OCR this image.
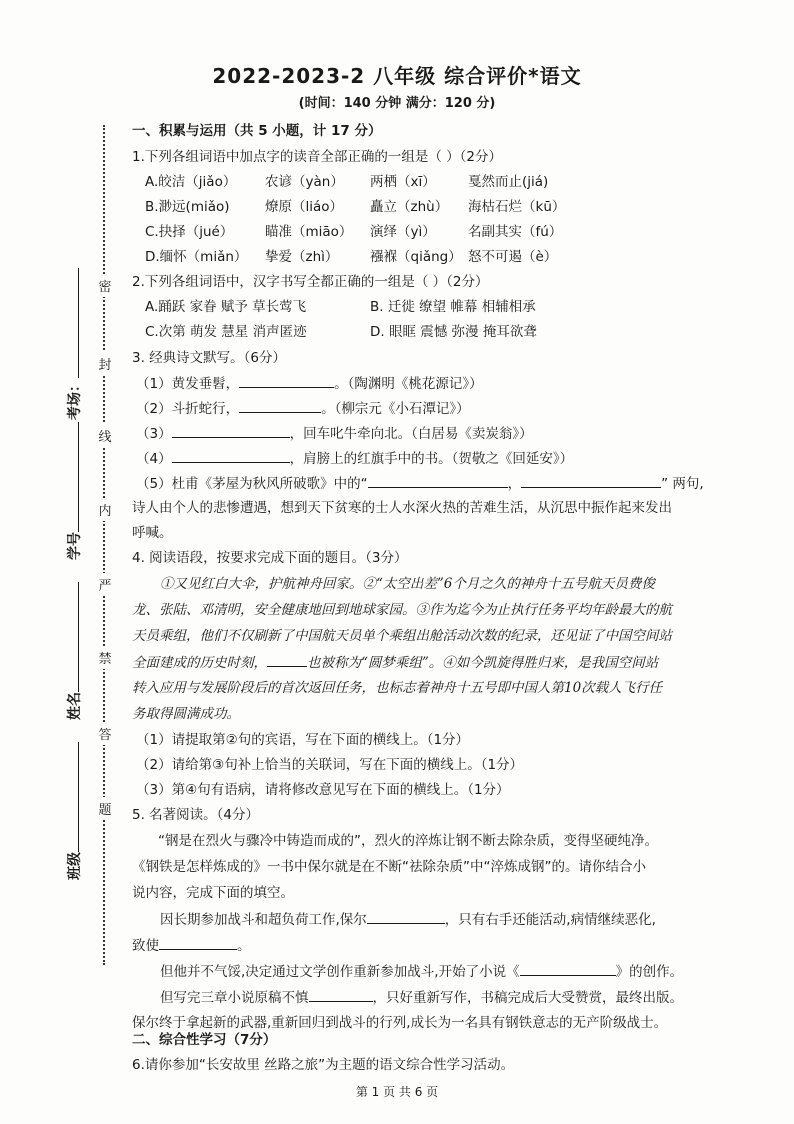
2022-2023-2 八年级 综合评价*语文
(时间：140 分钟 满分：120 分)
密
封
线
内
严
禁
答
题
考场：
学号
姓名
班级
一、积累与运用（共 5 小题，计 17 分）
1.下列各组词语中加点字的读音全部正确的一组是（ ）（2分）
A.皎洁（jiǎo） 农谚（yàn） 两栖（xī） 戛然而止(jiá)
B.渺远(miǎo)	燎原（liáo） 矗立（zhù） 海枯石烂（kū）
C.抉择（jué） 瞄准（miāo） 演绎（yì） 名副其实（fú）
D.缅怀（miǎn） 挚爱（zhì） 襁褓（qiǎng） 怒不可遏（è）
2.下列各组词语中，汉字书写全都正确的一组是（ ）（2分）
A.踊跃 家眷 赋予 草长莺飞	B. 迁徙 缭望 帷幕 相辅相承
C.次第 萌发 慧星 消声匿迹	D. 眼眶 震憾 弥漫 掩耳欲聋
3. 经典诗文默写。（6分）
（1）黄发垂髫，	。（陶渊明《桃花源记》）
（2）斗折蛇行，	。（柳宗元《小石潭记》）
（3）	，回车叱牛牵向北。（白居易《卖炭翁》）
（4）	，肩膀上的红旗手中的书。（贺敬之《回延安》）
（5）杜甫《茅屋为秋风所破歌》中的“	，	” 两句,
诗人由个人的悲惨遭遇，想到天下贫寒的士人水深火热的苦难生活，从沉思中振作起来发出
呼喊。
4. 阅读语段，按要求完成下面的题目。（3分）
①又见红白大伞，护航神舟回家。②“太空出差”6个月之久的神舟十五号航天员费俊
龙、张陆、邓清明，安全健康地回到地球家园。③作为迄今为止执行任务平均年龄最大的航
天员乘组，他们不仅刷新了中国航天员单个乘组出舱活动次数的纪录，还见证了中国空间站
全面建成的历史时刻，	也被称为“圆梦乘组”。④如今凯旋得胜归来，是我国空间站
转入应用与发展阶段后的首次返回任务，也标志着神舟十五号即中国人第10次载人飞行任
务取得圆满成功。
（1）请提取第②句的宾语，写在下面的横线上。（1分）
（2）请给第③句补上恰当的关联词，写在下面的横线上。（1分）
（3）第④句有语病，请将修改意见写在下面的横线上。（1分）
5. 名著阅读。（4分）
“钢是在烈火与骤冷中铸造而成的”，烈火的淬炼让钢不断去除杂质，变得坚硬纯净。
《钢铁是怎样炼成的》一书中保尔就是在不断“祛除杂质”中“淬炼成钢”的。请你结合小
说内容，完成下面的填空。
因长期参加战斗和超负荷工作,保尔	，只有右手还能活动,病情继续恶化,
致使	。
但他并不气馁,决定通过文学创作重新参加战斗,开始了小说《	》的创作。
但写完三章小说原稿不慎	，只好重新写作，书稿完成后大受赞赏，最终出版。
保尔终于拿起新的武器,重新回归到战斗的行列,成长为一名具有钢铁意志的无产阶级战士。
二、综合性学习（7分）
6.请你参加“长安故里 丝路之旅”为主题的语文综合性学习活动。
第 1 页 共 6 页
